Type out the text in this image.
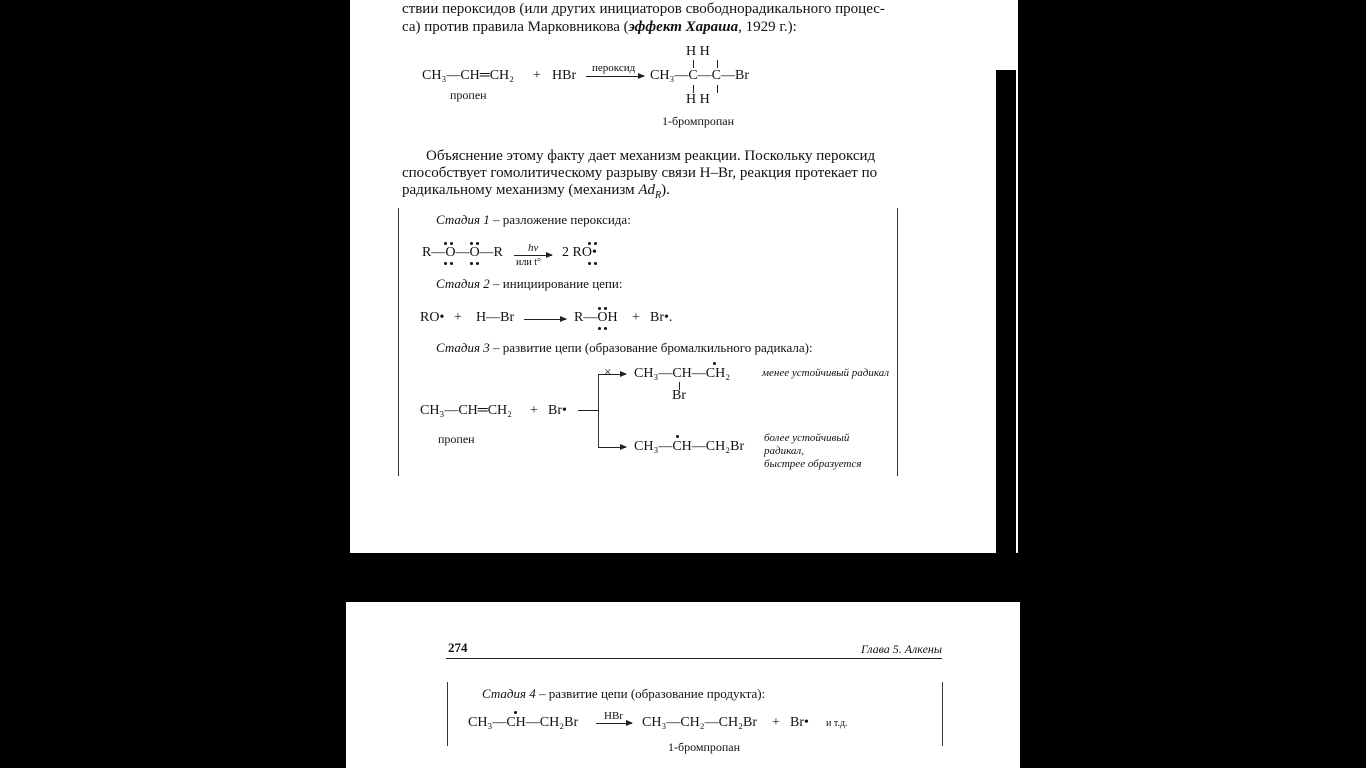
ствии пероксидов (или других инициаторов свободнорадикального процес-
са) против правила Марковникова (эффект Хараша, 1929 г.):
CH₃—CH═CH₂ + HBr пероксид
H H
CH₃—C—C—Br
H H
пропен
1-бромпропан
Объяснение этому факту дает механизм реакции. Поскольку пероксид
способствует гомолитическому разрыву связи H–Br, реакция протекает по
радикальному механизму (механизм $Ad_R$).
Стадия 1 – разложение пероксида:
R—O—O—R hν
или t°
2 RO•
Стадия 2 – инициирование цепи:
RO• + H—Br	R—OH + Br•.
Стадия 3 – развитие цепи (образование бромалкильного радикала):
CH₃—CH═CH₂ + Br•
пропен
× CH₃—CH—CH₂
Br
менее устойчивый радикал
CH₃—CH—CH₂Br
более устойчивый
радикал,
быстрее образуется
274	Глава 5. Алкены
Стадия 4 – развитие цепи (образование продукта):
CH₃—CH—CH₂Br HBr CH₃—CH₂—CH₂Br + Br• и т.д.
1-бромпропан
